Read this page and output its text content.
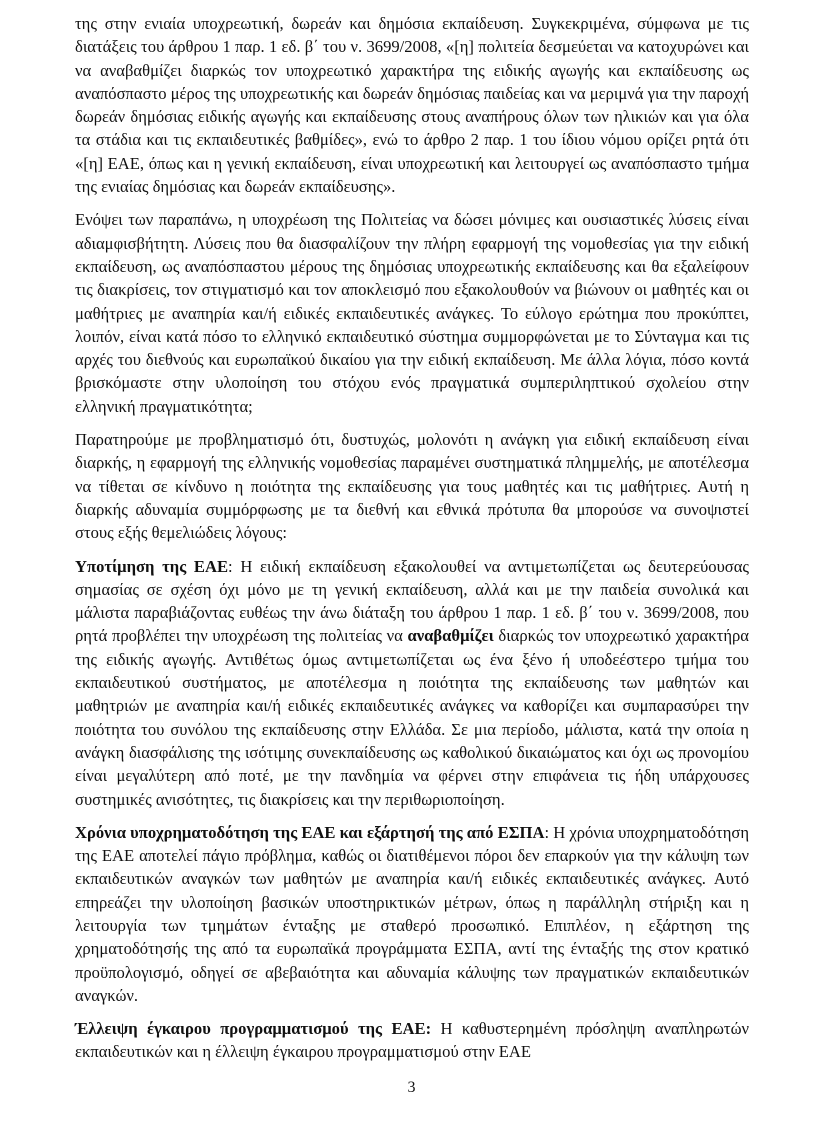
της στην ενιαία υποχρεωτική, δωρεάν και δημόσια εκπαίδευση. Συγκεκριμένα, σύμφωνα με τις διατάξεις του άρθρου 1 παρ. 1 εδ. β΄ του ν. 3699/2008, «[η] πολιτεία δεσμεύεται να κατοχυρώνει και να αναβαθμίζει διαρκώς τον υποχρεωτικό χαρακτήρα της ειδικής αγωγής και εκπαίδευσης ως αναπόσπαστο μέρος της υποχρεωτικής και δωρεάν δημόσιας παιδείας και να μεριμνά για την παροχή δωρεάν δημόσιας ειδικής αγωγής και εκπαίδευσης στους αναπήρους όλων των ηλικιών και για όλα τα στάδια και τις εκπαιδευτικές βαθμίδες», ενώ το άρθρο 2 παρ. 1 του ίδιου νόμου ορίζει ρητά ότι «[η] ΕΑΕ, όπως και η γενική εκπαίδευση, είναι υποχρεωτική και λειτουργεί ως αναπόσπαστο τμήμα της ενιαίας δημόσιας και δωρεάν εκπαίδευσης».

Ενόψει των παραπάνω, η υποχρέωση της Πολιτείας να δώσει μόνιμες και ουσιαστικές λύσεις είναι αδιαμφισβήτητη. Λύσεις που θα διασφαλίζουν την πλήρη εφαρμογή της νομοθεσίας για την ειδική εκπαίδευση, ως αναπόσπαστου μέρους της δημόσιας υποχρεωτικής εκπαίδευσης και θα εξαλείφουν τις διακρίσεις, τον στιγματισμό και τον αποκλεισμό που εξακολουθούν να βιώνουν οι μαθητές και οι μαθήτριες με αναπηρία και/ή ειδικές εκπαιδευτικές ανάγκες. Το εύλογο ερώτημα που προκύπτει, λοιπόν, είναι κατά πόσο το ελληνικό εκπαιδευτικό σύστημα συμμορφώνεται με το Σύνταγμα και τις αρχές του διεθνούς και ευρωπαϊκού δικαίου για την ειδική εκπαίδευση. Με άλλα λόγια, πόσο κοντά βρισκόμαστε στην υλοποίηση του στόχου ενός πραγματικά συμπεριληπτικού σχολείου στην ελληνική πραγματικότητα;

Παρατηρούμε με προβληματισμό ότι, δυστυχώς, μολονότι η ανάγκη για ειδική εκπαίδευση είναι διαρκής, η εφαρμογή της ελληνικής νομοθεσίας παραμένει συστηματικά πλημμελής, με αποτέλεσμα να τίθεται σε κίνδυνο η ποιότητα της εκπαίδευσης για τους μαθητές και τις μαθήτριες. Αυτή η διαρκής αδυναμία συμμόρφωσης με τα διεθνή και εθνικά πρότυπα θα μπορούσε να συνοψιστεί στους εξής θεμελιώδεις λόγους:

Υποτίμηση της ΕΑΕ: Η ειδική εκπαίδευση εξακολουθεί να αντιμετωπίζεται ως δευτερεύουσας σημασίας σε σχέση όχι μόνο με τη γενική εκπαίδευση, αλλά και με την παιδεία συνολικά και μάλιστα παραβιάζοντας ευθέως την άνω διάταξη του άρθρου 1 παρ. 1 εδ. β΄ του ν. 3699/2008, που ρητά προβλέπει την υποχρέωση της πολιτείας να αναβαθμίζει διαρκώς τον υποχρεωτικό χαρακτήρα της ειδικής αγωγής. Αντιθέτως όμως αντιμετωπίζεται ως ένα ξένο ή υποδεέστερο τμήμα του εκπαιδευτικού συστήματος, με αποτέλεσμα η ποιότητα της εκπαίδευσης των μαθητών και μαθητριών με αναπηρία και/ή ειδικές εκπαιδευτικές ανάγκες να καθορίζει και συμπαρασύρει την ποιότητα του συνόλου της εκπαίδευσης στην Ελλάδα. Σε μια περίοδο, μάλιστα, κατά την οποία η ανάγκη διασφάλισης της ισότιμης συνεκπαίδευσης ως καθολικού δικαιώματος και όχι ως προνομίου είναι μεγαλύτερη από ποτέ, με την πανδημία να φέρνει στην επιφάνεια τις ήδη υπάρχουσες συστημικές ανισότητες, τις διακρίσεις και την περιθωριοποίηση.

Χρόνια υποχρηματοδότηση της ΕΑΕ και εξάρτησή της από ΕΣΠΑ: Η χρόνια υποχρηματοδότηση της ΕΑΕ αποτελεί πάγιο πρόβλημα, καθώς οι διατιθέμενοι πόροι δεν επαρκούν για την κάλυψη των εκπαιδευτικών αναγκών των μαθητών με αναπηρία και/ή ειδικές εκπαιδευτικές ανάγκες. Αυτό επηρεάζει την υλοποίηση βασικών υποστηρικτικών μέτρων, όπως η παράλληλη στήριξη και η λειτουργία των τμημάτων ένταξης με σταθερό προσωπικό. Επιπλέον, η εξάρτηση της χρηματοδότησής της από τα ευρωπαϊκά προγράμματα ΕΣΠΑ, αντί της ένταξής της στον κρατικό προϋπολογισμό, οδηγεί σε αβεβαιότητα και αδυναμία κάλυψης των πραγματικών εκπαιδευτικών αναγκών.

Έλλειψη έγκαιρου προγραμματισμού της ΕΑΕ: Η καθυστερημένη πρόσληψη αναπληρωτών εκπαιδευτικών και η έλλειψη έγκαιρου προγραμματισμού στην ΕΑΕ

3
